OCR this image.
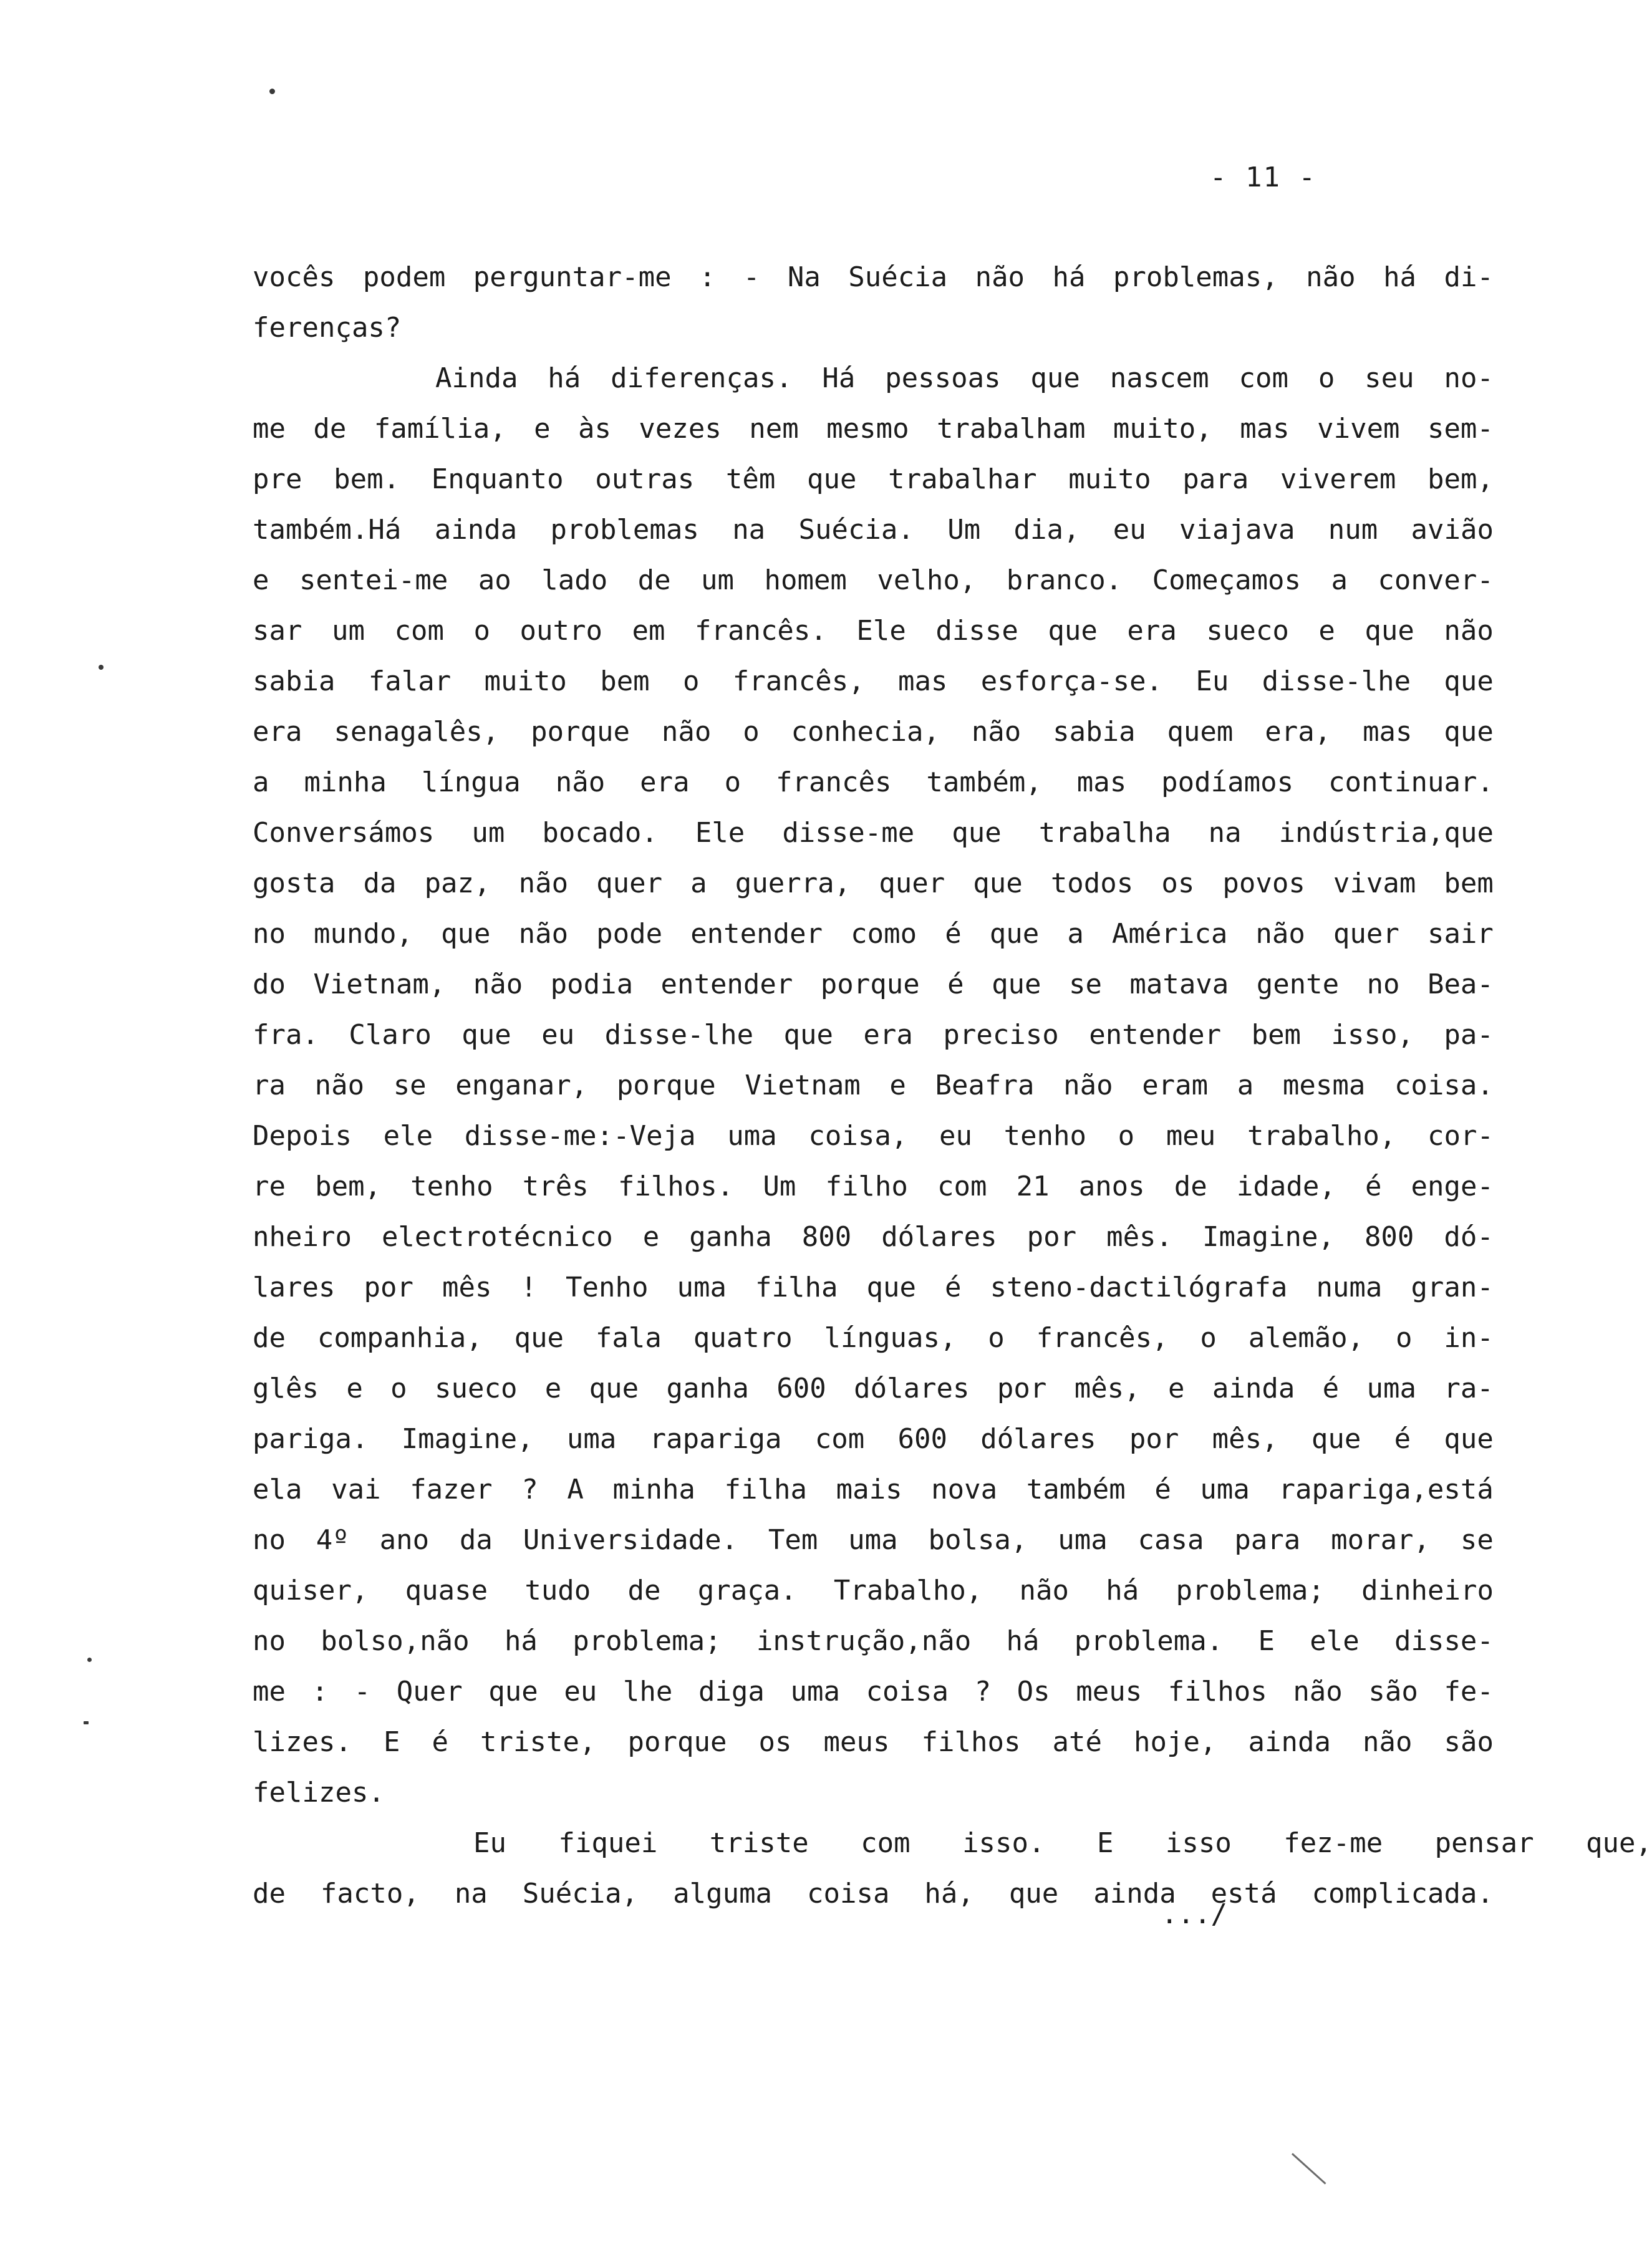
- 11 -
vocês podem perguntar-me : - Na Suécia não há problemas, não há di-
ferenças?
Ainda há diferenças. Há pessoas que nascem com o seu no-
me de família, e às vezes nem mesmo trabalham muito, mas vivem sem-
pre bem. Enquanto outras têm que trabalhar muito para viverem bem,
também.Há ainda problemas na Suécia. Um dia, eu viajava num avião
e sentei-me ao lado de um homem velho, branco. Começamos a conver-
sar um com o outro em francês. Ele disse que era sueco e que não
sabia falar muito bem o francês, mas esforça-se. Eu disse-lhe que
era senagalês, porque não o conhecia, não sabia quem era, mas que
a minha língua não era o francês também, mas podíamos continuar.
Conversámos um bocado. Ele disse-me que trabalha na indústria,que
gosta da paz, não quer a guerra, quer que todos os povos vivam bem
no mundo, que não pode entender como é que a América não quer sair
do Vietnam, não podia entender porque é que se matava gente no Bea-
fra. Claro que eu disse-lhe que era preciso entender bem isso, pa-
ra não se enganar, porque Vietnam e Beafra não eram a mesma coisa.
Depois ele disse-me:-Veja uma coisa, eu tenho o meu trabalho, cor-
re bem, tenho três filhos. Um filho com 21 anos de idade, é enge-
nheiro electrotécnico e ganha 800 dólares por mês. Imagine, 800 dó-
lares por mês ! Tenho uma filha que é steno-dactilógrafa numa gran-
de companhia, que fala quatro línguas, o francês, o alemão, o in-
glês e o sueco e que ganha 600 dólares por mês, e ainda é uma ra-
pariga. Imagine, uma rapariga com 600 dólares por mês, que é que
ela vai fazer ? A minha filha mais nova também é uma rapariga,está
no 4º ano da Universidade. Tem uma bolsa, uma casa para morar, se
quiser, quase tudo de graça. Trabalho, não há problema; dinheiro
no bolso,não há problema; instrução,não há problema. E ele disse-
me : - Quer que eu lhe diga uma coisa ? Os meus filhos não são fe-
lizes. E é triste, porque os meus filhos até hoje, ainda não são
felizes.
Eu fiquei triste com isso. E isso fez-me pensar que,
de facto, na Suécia, alguma coisa há, que ainda está complicada.
.../
